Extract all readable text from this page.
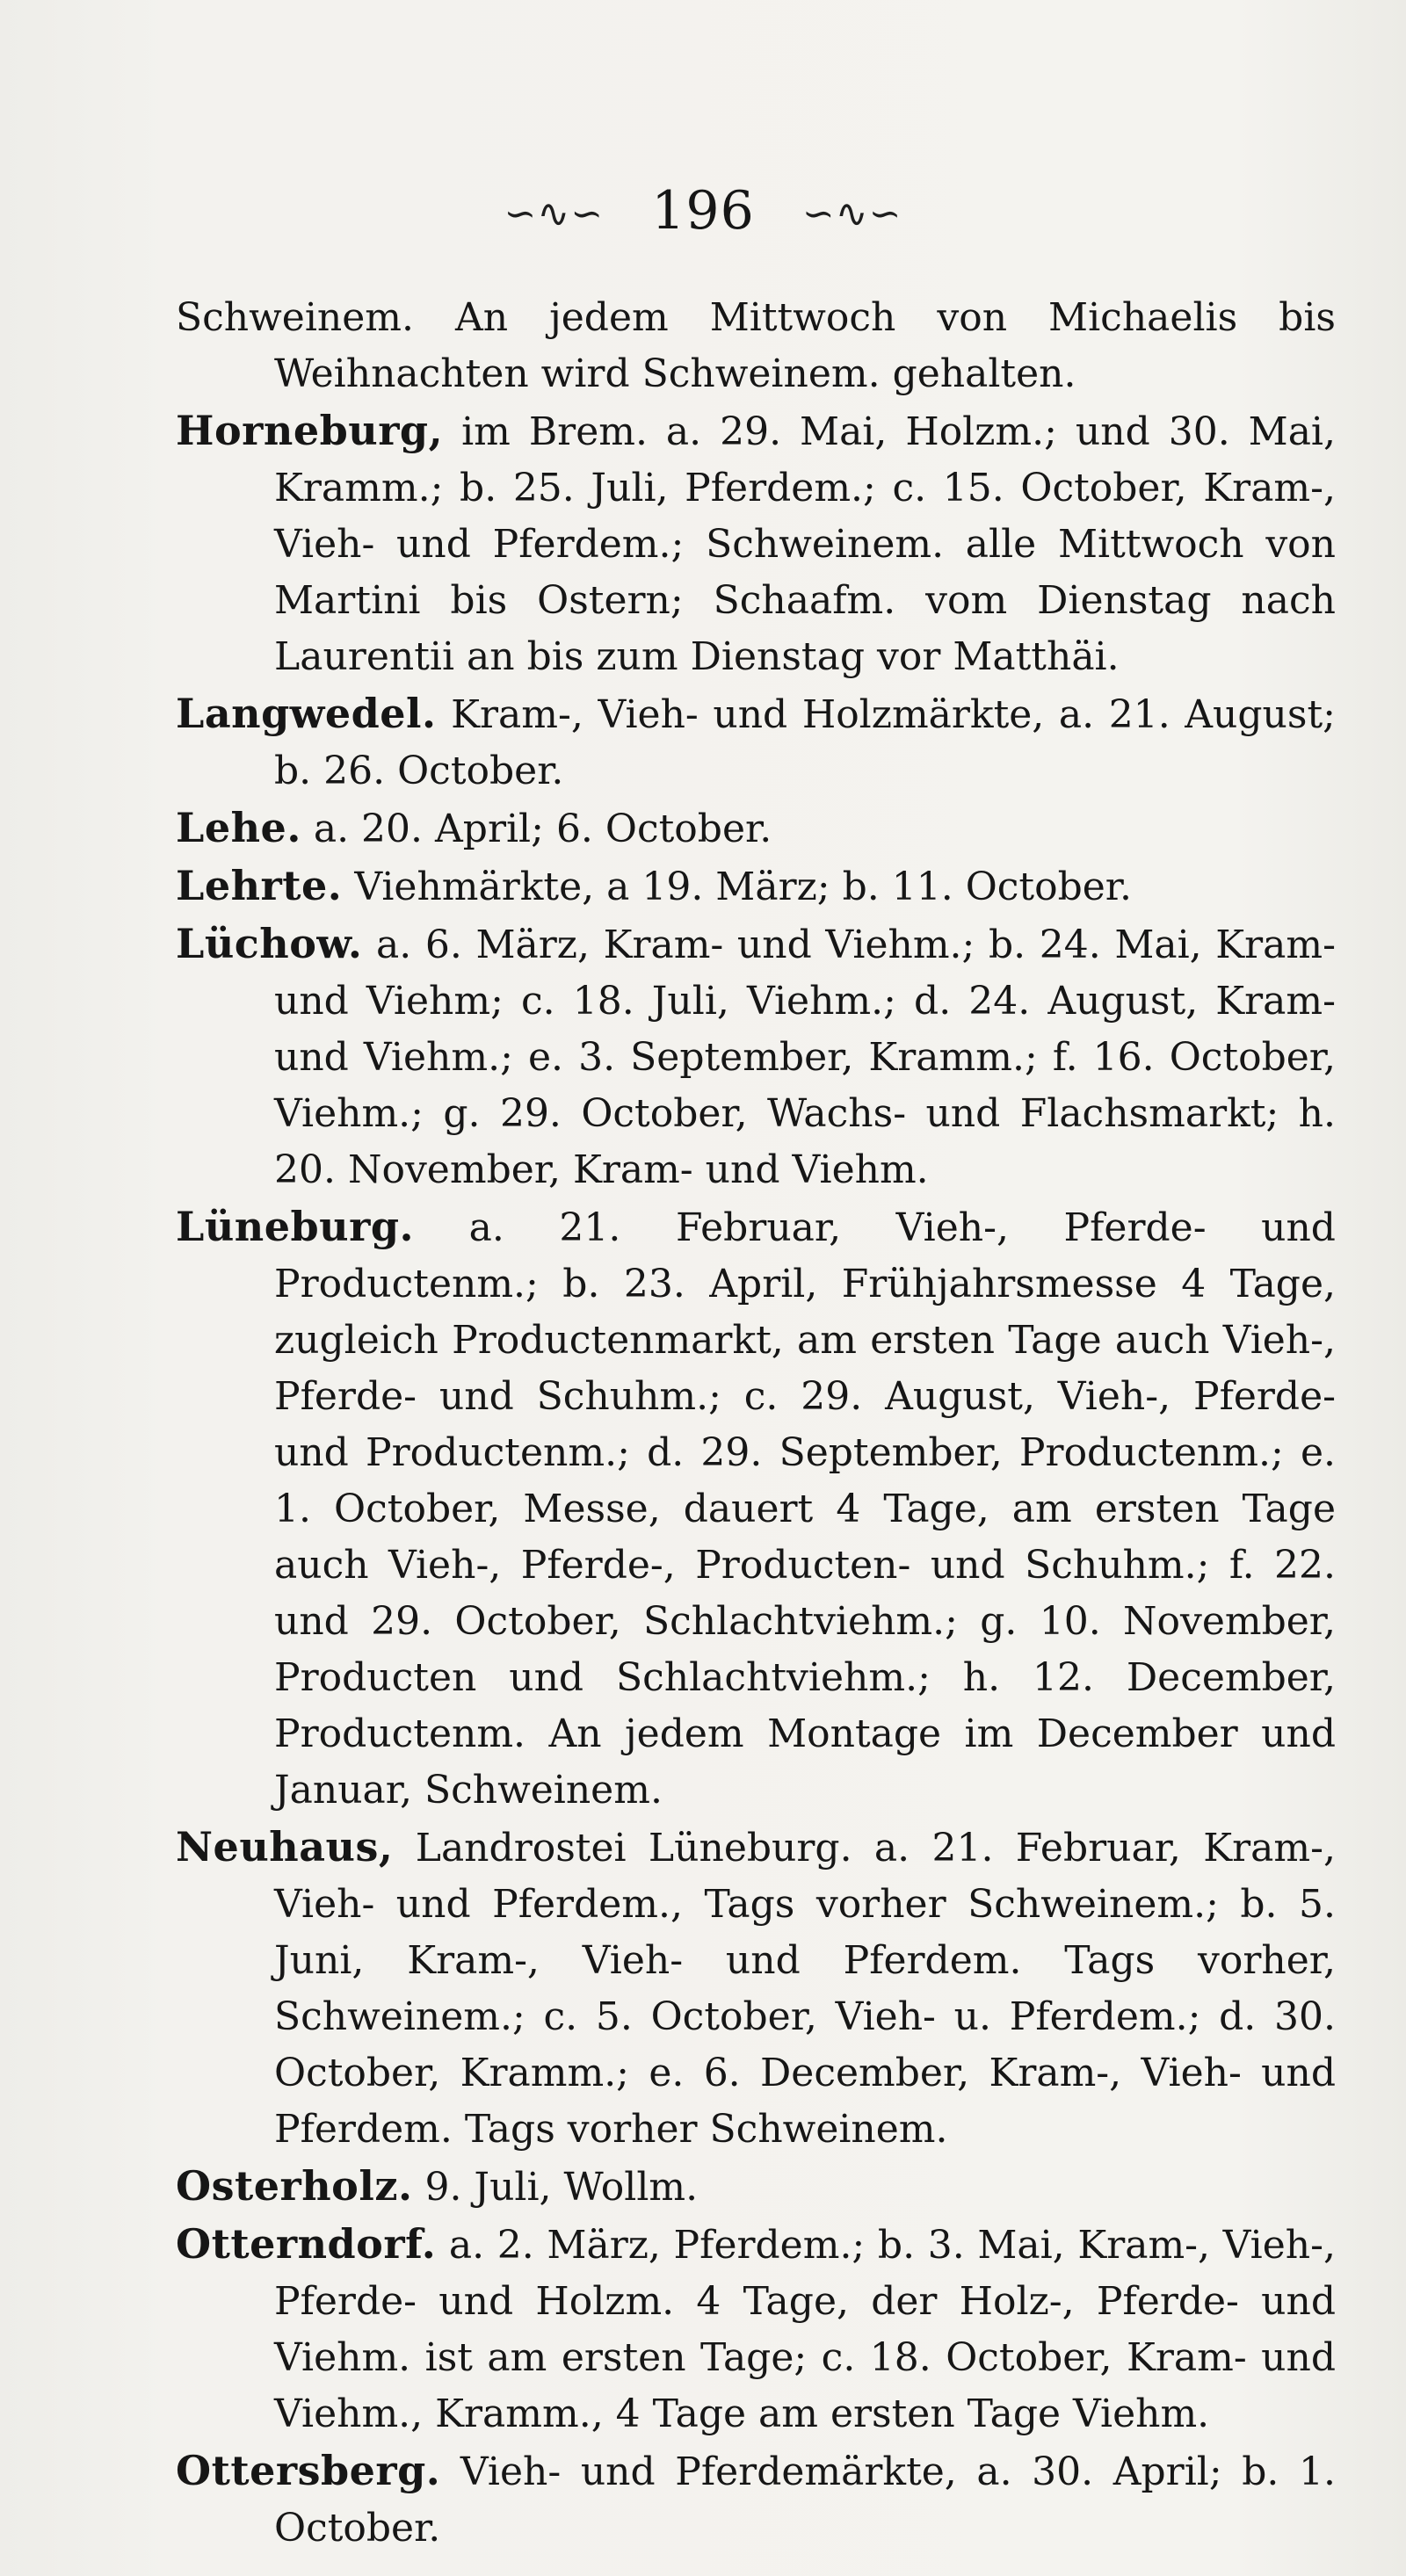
∽∿∽ 196 ∽∿∽

Schweinem. An jedem Mittwoch von Michaelis bis Weihnachten wird Schweinem. gehalten.

Horneburg, im Brem. a. 29. Mai, Holzm.; und 30. Mai, Kramm.; b. 25. Juli, Pferdem.; c. 15. October, Kram-, Vieh- und Pferdem.; Schweinem. alle Mittwoch von Martini bis Ostern; Schaafm. vom Dienstag nach Laurentii an bis zum Dienstag vor Matthäi.

Langwedel. Kram-, Vieh- und Holzmärkte, a. 21. August; b. 26. October.

Lehe. a. 20. April; 6. October.

Lehrte. Viehmärkte, a 19. März; b. 11. October.

Lüchow. a. 6. März, Kram- und Viehm.; b. 24. Mai, Kram- und Viehm; c. 18. Juli, Viehm.; d. 24. August, Kram- und Viehm.; e. 3. September, Kramm.; f. 16. October, Viehm.; g. 29. October, Wachs- und Flachsmarkt; h. 20. November, Kram- und Viehm.

Lüneburg. a. 21. Februar, Vieh-, Pferde- und Productenm.; b. 23. April, Frühjahrsmesse 4 Tage, zugleich Productenmarkt, am ersten Tage auch Vieh-, Pferde- und Schuhm.; c. 29. August, Vieh-, Pferde- und Productenm.; d. 29. September, Productenm.; e. 1. October, Messe, dauert 4 Tage, am ersten Tage auch Vieh-, Pferde-, Producten- und Schuhm.; f. 22. und 29. October, Schlachtviehm.; g. 10. November, Producten und Schlachtviehm.; h. 12. December, Productenm. An jedem Montage im December und Januar, Schweinem.

Neuhaus, Landrostei Lüneburg. a. 21. Februar, Kram-, Vieh- und Pferdem., Tags vorher Schweinem.; b. 5. Juni, Kram-, Vieh- und Pferdem. Tags vorher, Schweinem.; c. 5. October, Vieh- u. Pferdem.; d. 30. October, Kramm.; e. 6. December, Kram-, Vieh- und Pferdem. Tags vorher Schweinem.

Osterholz. 9. Juli, Wollm.

Otterndorf. a. 2. März, Pferdem.; b. 3. Mai, Kram-, Vieh-, Pferde- und Holzm. 4 Tage, der Holz-, Pferde- und Viehm. ist am ersten Tage; c. 18. October, Kram- und Viehm., Kramm., 4 Tage am ersten Tage Viehm.

Ottersberg. Vieh- und Pferdemärkte, a. 30. April; b. 1. October.
